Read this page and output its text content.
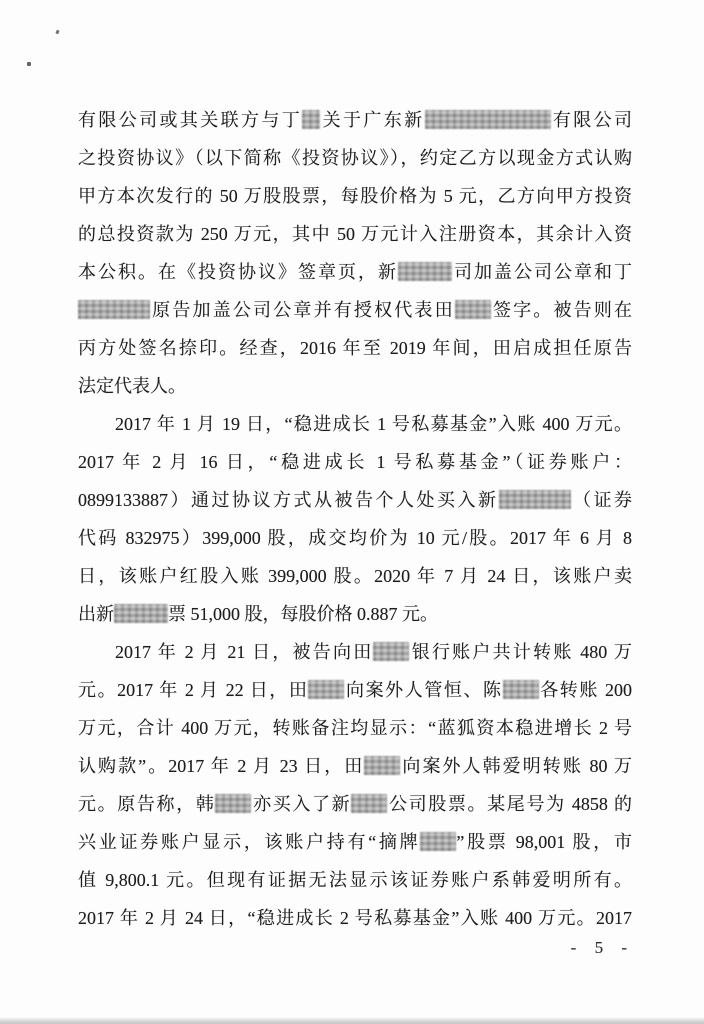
有限公司或其关联方与丁 关于广东新	有限公司
之投资协议》（以下简称《投资协议》），约定乙方以现金方式认购
甲方本次发行的 50 万股股票，每股价格为 5 元，乙方向甲方投资
的总投资款为 250 万元，其中 50 万元计入注册资本，其余计入资
本公积。在《投资协议》签章页，新	司加盖公司公章和丁
原告加盖公司公章并有授权代表田 签字。被告则在
丙方处签名捺印。经查，2016 年至 2019 年间，田启成担任原告
法定代表人。
2017 年 1 月 19 日，“稳进成长 1 号私募基金”入账 400 万元。
2017 年 2 月 16 日，“稳进成长 1 号私募基金”（证券账户：
0899133887）通过协议方式从被告个人处买入新	（证券
代码 832975）399,000 股，成交均价为 10 元/股。2017 年 6 月 8
日，该账户红股入账 399,000 股。2020 年 7 月 24 日，该账户卖
出新	票 51,000 股，每股价格 0.887 元。
2017 年 2 月 21 日，被告向田 银行账户共计转账 480 万
元。2017 年 2 月 22 日，田 向案外人管恒、陈 各转账 200
万元，合计 400 万元，转账备注均显示：“蓝狐资本稳进增长 2 号
认购款”。2017 年 2 月 23 日，田 向案外人韩爱明转账 80 万
元。原告称，韩 亦买入了新 公司股票。某尾号为 4858 的
兴业证券账户显示，该账户持有“摘牌 ”股票 98,001 股，市
值 9,800.1 元。但现有证据无法显示该证券账户系韩爱明所有。
2017 年 2 月 24 日，“稳进成长 2 号私募基金”入账 400 万元。2017
- 5 -
